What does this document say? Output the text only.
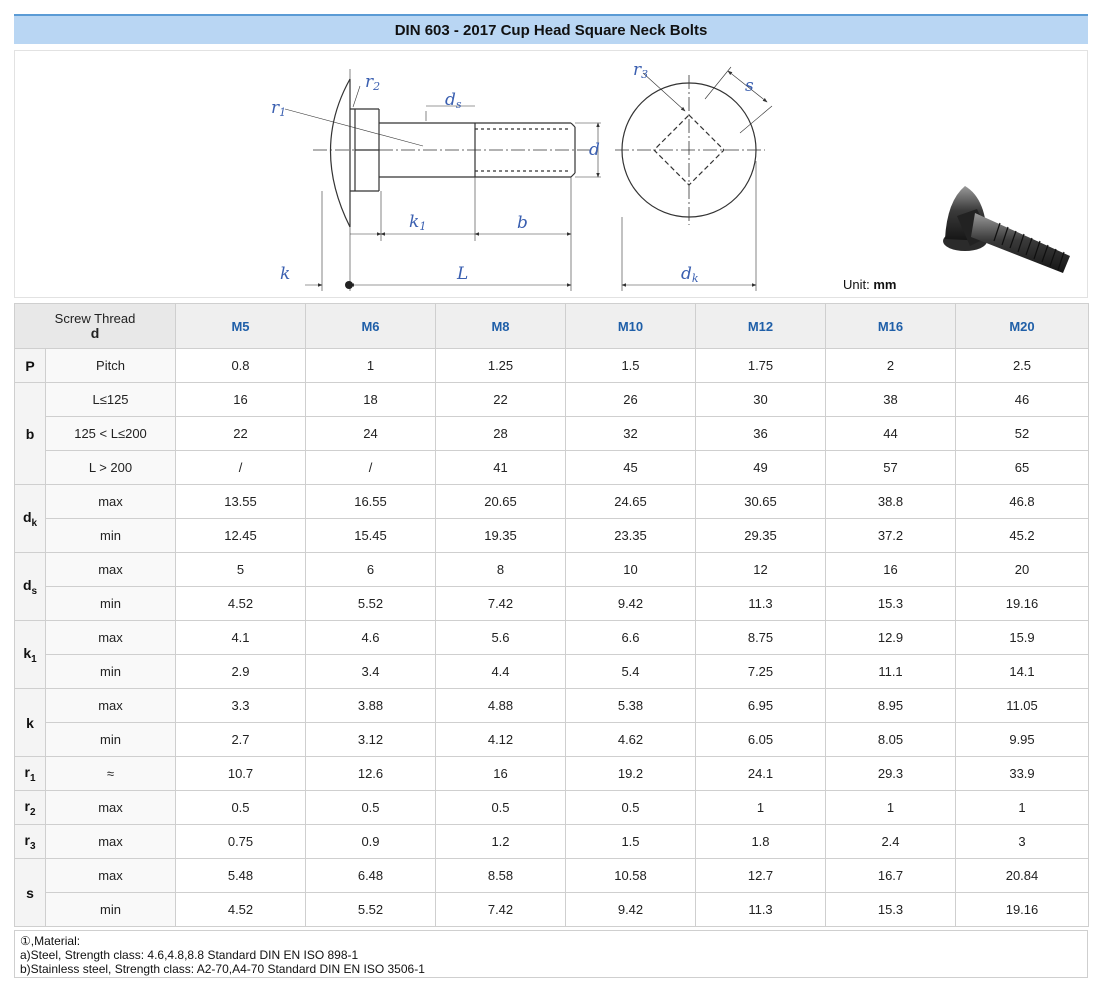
DIN 603 - 2017 Cup Head Square Neck Bolts
r1
r2
ds
d
k1	b
k	L
r3
s
dk	Unit: mm
Screw Thread
d		M5	M6	M8	M10	M12	M16	M20
P	Pitch	0.8	1	1.25	1.5	1.75	2	2.5
b	L≤125	16	18	22	26	30	38	46
	125 < L≤200	22	24	28	32	36	44	52
	L > 200	/	/	41	45	49	57	65
$d_k$	max	13.55	16.55	20.65	24.65	30.65	38.8	46.8
	min	12.45	15.45	19.35	23.35	29.35	37.2	45.2
$d_s$	max	5	6	8	10	12	16	20
	min	4.52	5.52	7.42	9.42	11.3	15.3	19.16
$k_1$	max	4.1	4.6	5.6	6.6	8.75	12.9	15.9
	min	2.9	3.4	4.4	5.4	7.25	11.1	14.1
k	max	3.3	3.88	4.88	5.38	6.95	8.95	11.05
	min	2.7	3.12	4.12	4.62	6.05	8.05	9.95
$r_1$	≈	10.7	12.6	16	19.2	24.1	29.3	33.9
$r_2$	max	0.5	0.5	0.5	0.5	1	1	1
$r_3$	max	0.75	0.9	1.2	1.5	1.8	2.4	3
s	max	5.48	6.48	8.58	10.58	12.7	16.7	20.84
	min	4.52	5.52	7.42	9.42	11.3	15.3	19.16
①,Material:
a)Steel, Strength class: 4.6,4.8,8.8 Standard DIN EN ISO 898-1
b)Stainless steel, Strength class: A2-70,A4-70 Standard DIN EN ISO 3506-1
